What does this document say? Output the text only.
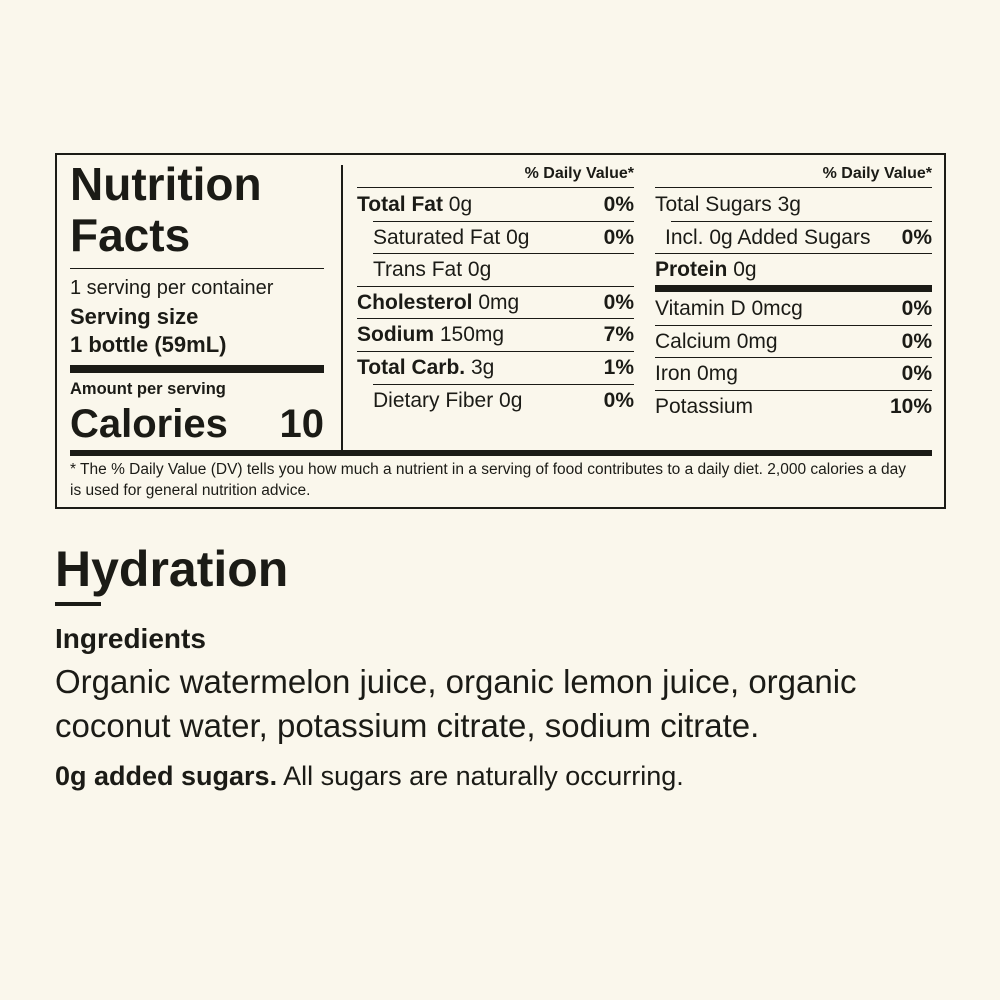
Nutrition
Facts
1 serving per container
Serving size
1 bottle (59mL)
Amount per serving
Calories 10
% Daily Value*
Total Fat 0g	0%
Saturated Fat 0g	0%
Trans Fat 0g
Cholesterol 0mg	0%
Sodium 150mg	7%
Total Carb. 3g	1%
Dietary Fiber 0g	0%
% Daily Value*
Total Sugars 3g
Incl. 0g Added Sugars 0%
Protein 0g
Vitamin D 0mcg	0%
Calcium 0mg	0%
Iron 0mg	0%
Potassium	10%
* The % Daily Value (DV) tells you how much a nutrient in a serving of food contributes to a daily diet. 2,000 calories a day is used for general nutrition advice.
Hydration
Ingredients
Organic watermelon juice, organic lemon juice, organic coconut water, potassium citrate, sodium citrate.
0g added sugars. All sugars are naturally occurring.
